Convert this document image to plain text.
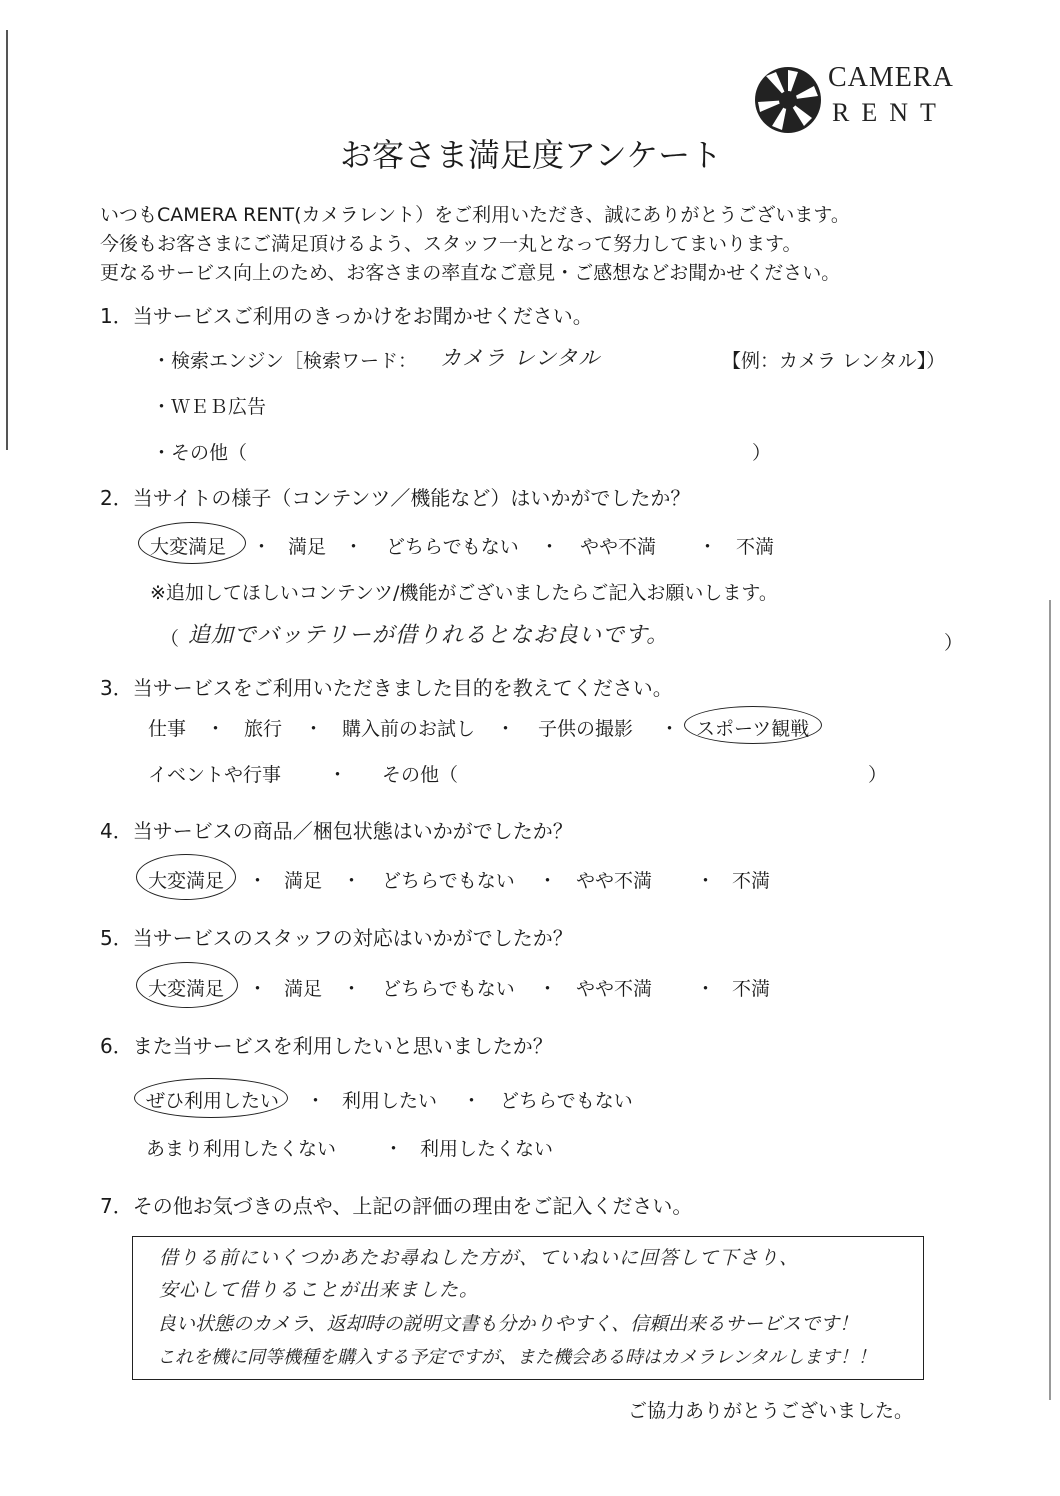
CAMERA
RENT
お客さま満足度アンケート
いつもCAMERA RENT(カメラレント）をご利用いただき、誠にありがとうございます。
今後もお客さまにご満足頂けるよう、スタッフ一丸となって努力してまいります。
更なるサービス向上のため、お客さまの率直なご意見・ご感想などお聞かせください。
1．当サービスご利用のきっかけをお聞かせください。
・検索エンジン［検索ワード： カメラ レンタル	【例：カメラ レンタル】）
・ＷＥＢ広告
・その他（	）
2．当サイトの様子（コンテンツ／機能など）はいかがでしたか？
大変満足 ・ 満足 ・ どちらでもない ・ やや不満 ・ 不満
※追加してほしいコンテンツ/機能がございましたらご記入お願いします。
（ 追加でバッテリーが借りれるとなお良いです。	）
3．当サービスをご利用いただきました目的を教えてください。
仕事 ・ 旅行 ・ 購入前のお試し ・ 子供の撮影 ・ スポーツ観戦
イベントや行事 ・ その他（	）
4．当サービスの商品／梱包状態はいかがでしたか？
大変満足 ・ 満足 ・ どちらでもない ・ やや不満 ・ 不満
5．当サービスのスタッフの対応はいかがでしたか？
大変満足 ・ 満足 ・ どちらでもない ・ やや不満 ・ 不満
6．また当サービスを利用したいと思いましたか？
ぜひ利用したい ・ 利用したい ・ どちらでもない
あまり利用したくない	・ 利用したくない
7．その他お気づきの点や、上記の評価の理由をご記入ください。
借りる前にいくつかあたお尋ねした方が、ていねいに回答して下さり、
安心して借りることが出来ました。
良い状態のカメラ、返却時の説明文書も分かりやすく、信頼出来るサービスです！
これを機に同等機種を購入する予定ですが、また機会ある時はカメラレンタルします！！
ご協力ありがとうございました。
